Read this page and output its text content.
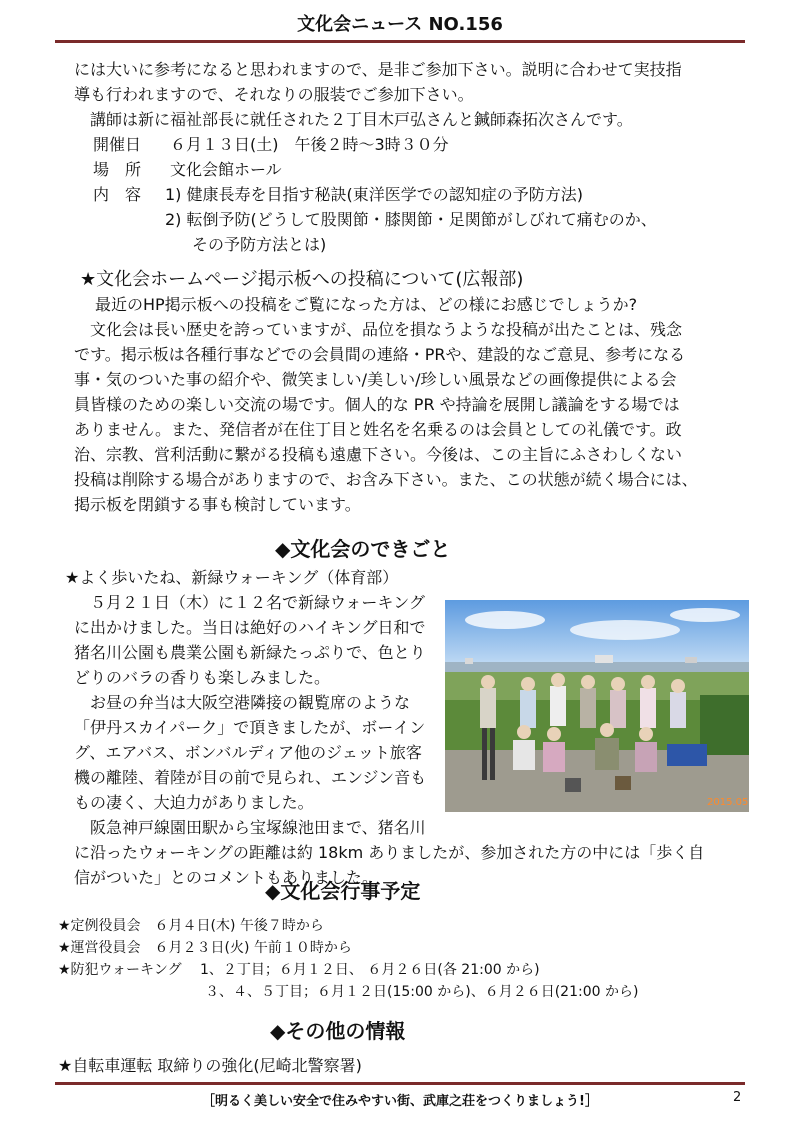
文化会ニュース NO.156
には大いに参考になると思われますので、是非ご参加下さい。説明に合わせて実技指
導も行われますので、それなりの服装でご参加下さい。
　講師は新に福祉部長に就任された２丁目木戸弘さんと鍼師森拓次さんです。
開催日 ６月１３日(土)　午後２時〜3時３０分
場　所 文化会館ホール
内　容 1) 健康長寿を目指す秘訣(東洋医学での認知症の予防方法)
2) 転倒予防(どうして股関節・膝関節・足関節がしびれて痛むのか、
その予防方法とは)
★文化会ホームページ掲示板への投稿について(広報部)
最近のHP掲示板への投稿をご覧になった方は、どの様にお感じでしょうか?
　文化会は長い歴史を誇っていますが、品位を損なうような投稿が出たことは、残念
です。掲示板は各種行事などでの会員間の連絡・PRや、建設的なご意見、参考になる
事・気のついた事の紹介や、微笑ましい/美しい/珍しい風景などの画像提供による会
員皆様のための楽しい交流の場です。個人的な PR や持論を展開し議論をする場では
ありません。また、発信者が在住丁目と姓名を名乗るのは会員としての礼儀です。政
治、宗教、営利活動に繋がる投稿も遠慮下さい。今後は、この主旨にふさわしくない
投稿は削除する場合がありますので、お含み下さい。また、この状態が続く場合には、
掲示板を閉鎖する事も検討しています。
◆文化会のできごと
★よく歩いたね、新緑ウォーキング（体育部）
　５月２１日（木）に１２名で新緑ウォーキング
に出かけました。当日は絶好のハイキング日和で
猪名川公園も農業公園も新緑たっぷりで、色とり
どりのバラの香りも楽しみました。
　お昼の弁当は大阪空港隣接の観覧席のような
「伊丹スカイパーク」で頂きましたが、ボーイン
グ、エアバス、ボンバルディア他のジェット旅客
機の離陸、着陸が目の前で見られ、エンジン音も
もの凄く、大迫力がありました。
　阪急神戸線園田駅から宝塚線池田まで、猪名川
に沿ったウォーキングの距離は約 18km ありましたが、参加された方の中には「歩く自
信がついた」とのコメントもありました。
2015.05
◆文化会行事予定
★定例役員会　６月４日(木) 午後７時から
★運営役員会　６月２３日(火) 午前１０時から
★防犯ウォーキング　 1、２丁目；６月１２日、 ６月２６日(各 21:00 から)
３、４、５丁目；６月１２日(15:00 から)、６月２６日(21:00 から)
◆その他の情報
★自転車運転 取締りの強化(尼崎北警察署)
［明るく美しい安全で住みやすい街、武庫之荘をつくりましょう!］	2
